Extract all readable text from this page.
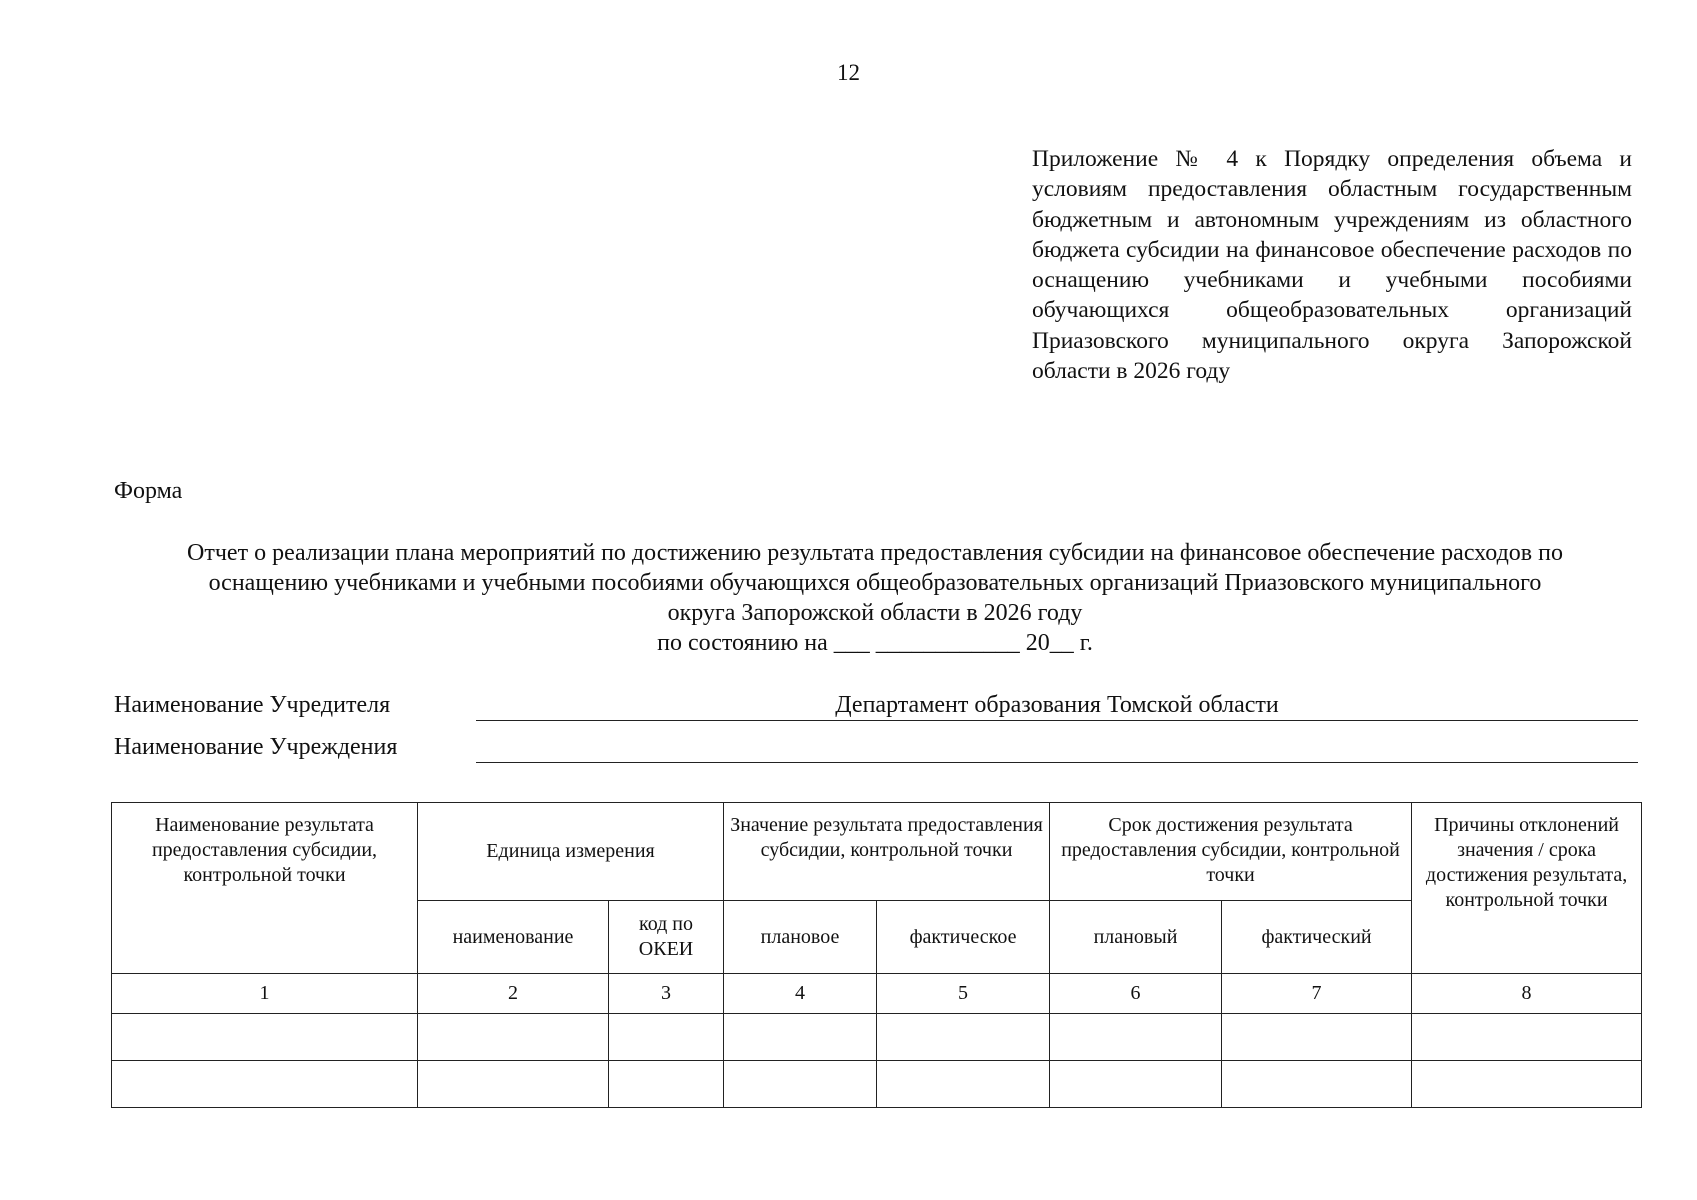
12
Приложение № 4 к Порядку определения объема и условиям предоставления областным государственным бюджетным и автономным учреждениям из областного бюджета субсидии на финансовое обеспечение расходов по оснащению учебниками и учебными пособиями обучающихся общеобразовательных организаций Приазовского муниципального округа Запорожской области в 2026 году
Форма
Отчет о реализации плана мероприятий по достижению результата предоставления субсидии на финансовое обеспечение расходов по
оснащению учебниками и учебными пособиями обучающихся общеобразовательных организаций Приазовского муниципального
округа Запорожской области в 2026 году
по состоянию на ___ ____________ 20__ г.
Наименование Учредителя	Департамент образования Томской области
Наименование Учреждения
Наименование результата предоставления субсидии, контрольной точки	Единица измерения		Значение результата предоставления субсидии, контрольной точки		Срок достижения результата предоставления субсидии, контрольной точки		Причины отклонений значения / срока достижения результата, контрольной точки
	наименование	код по ОКЕИ	плановое	фактическое	плановый	фактический	
1	2	3	4	5	6	7	8
